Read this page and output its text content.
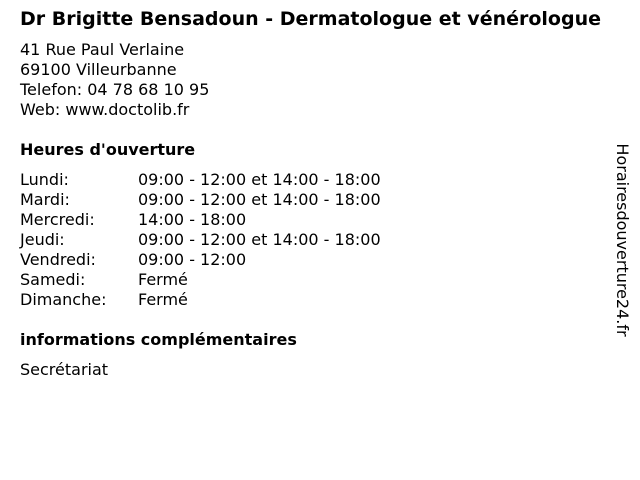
Dr Brigitte Bensadoun - Dermatologue et vénérologue
41 Rue Paul Verlaine
69100 Villeurbanne
Telefon: 04 78 68 10 95
Web: www.doctolib.fr
Heures d'ouverture
Lundi:	09:00 - 12:00 et 14:00 - 18:00
Mardi:	09:00 - 12:00 et 14:00 - 18:00
Mercredi:	14:00 - 18:00
Jeudi:	09:00 - 12:00 et 14:00 - 18:00
Vendredi:	09:00 - 12:00
Samedi:	Fermé
Dimanche:	Fermé
informations complémentaires
Secrétariat
Horairesdouverture24.fr
